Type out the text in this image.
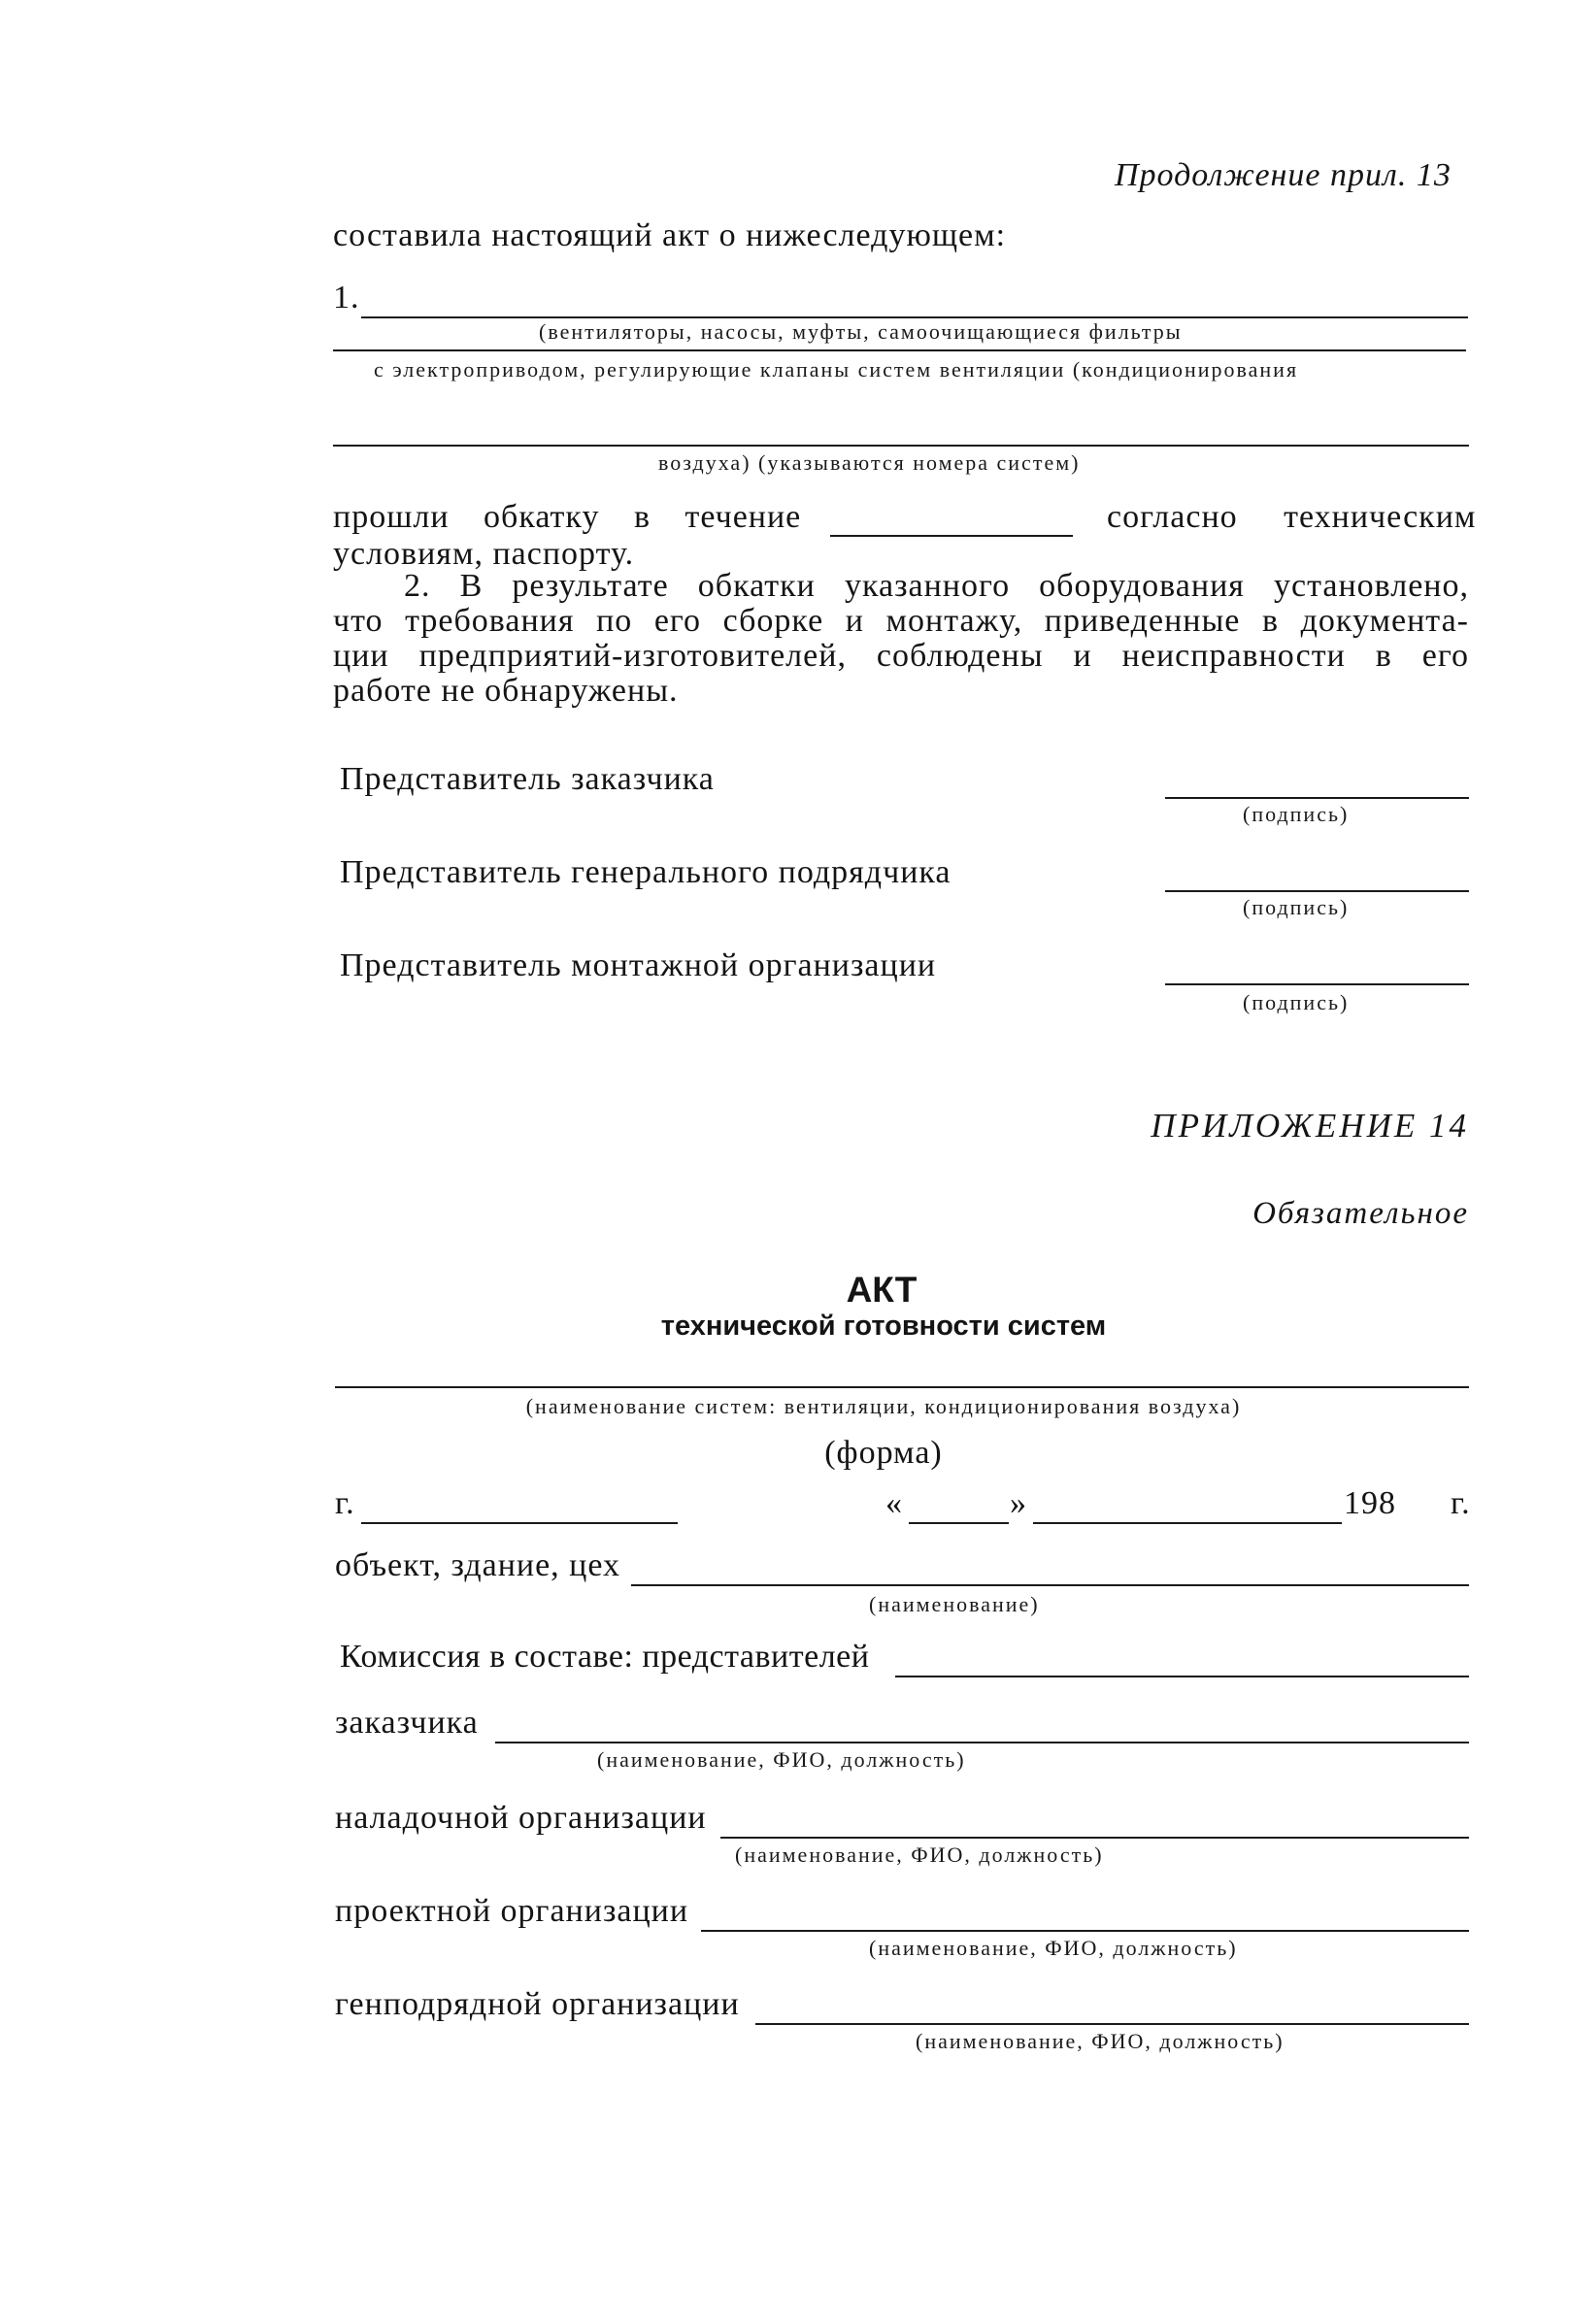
Продолжение прил. 13
составила настоящий акт о нижеследующем:
1.
(вентиляторы, насосы, муфты, самоочищающиеся фильтры
с электроприводом, регулирующие клапаны систем вентиляции (кондиционирования
воздуха) (указываются номера систем)
прошли обкатку в течение	согласно техническим
условиям, паспорту.
2. В результате обкатки указанного оборудования установлено,
что требования по его сборке и монтажу, приведенные в документа-
ции предприятий-изготовителей, соблюдены и неисправности в его
работе не обнаружены.
Представитель заказчика
(подпись)
Представитель генерального подрядчика
(подпись)
Представитель монтажной организации
(подпись)
ПРИЛОЖЕНИЕ 14
Обязательное
АКТ
технической готовности систем
(наименование систем: вентиляции, кондиционирования воздуха)
(форма)
г.	«	»	198 г.
объект, здание, цех
(наименование)
Комиссия в составе: представителей
заказчика
(наименование, ФИО, должность)
наладочной организации
(наименование, ФИО, должность)
проектной организации
(наименование, ФИО, должность)
генподрядной организации
(наименование, ФИО, должность)
